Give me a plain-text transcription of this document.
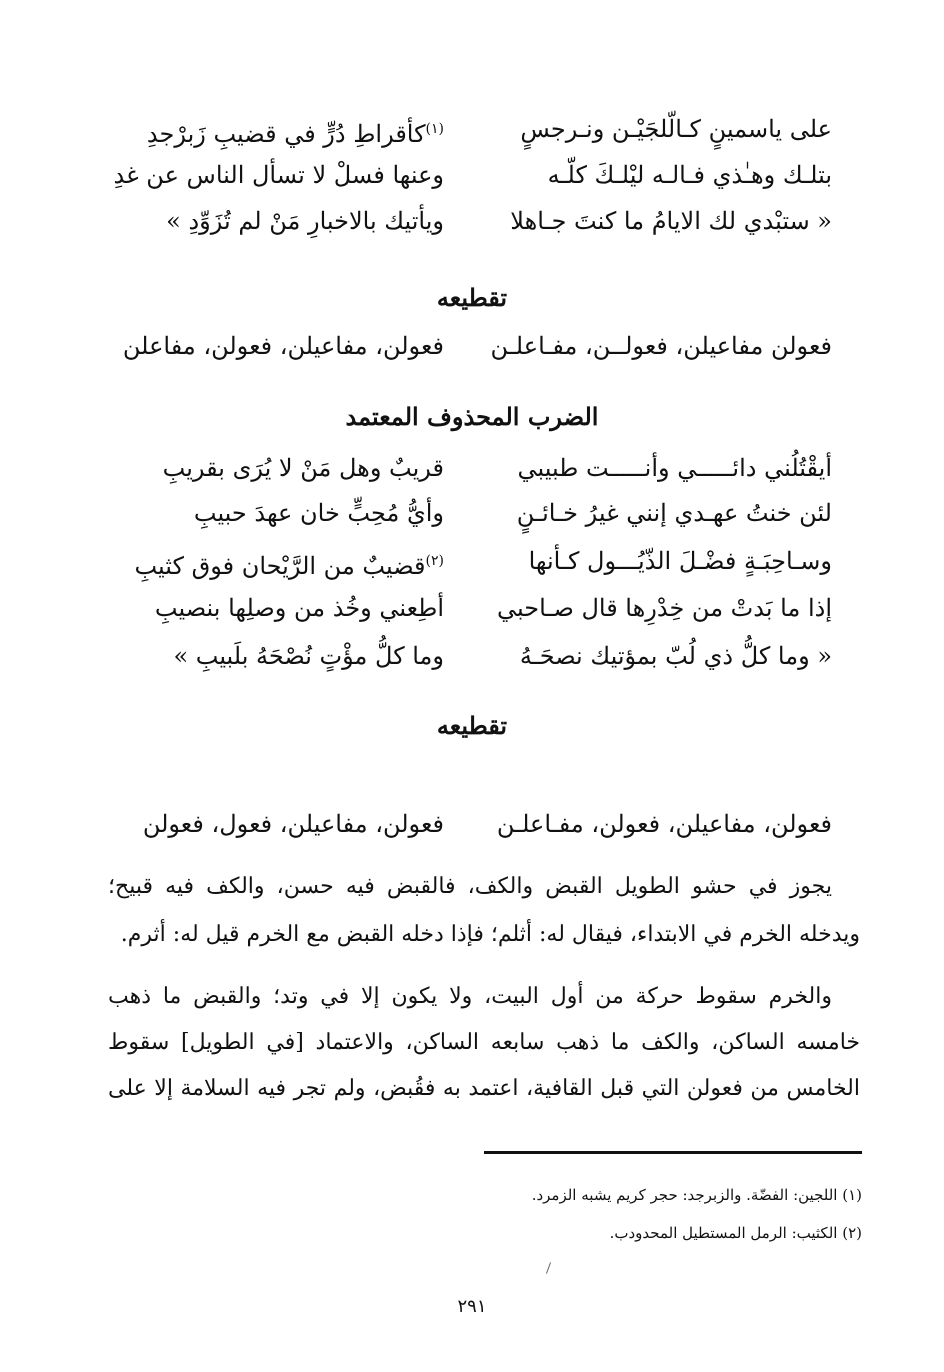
على ياسمينٍ كـالّلجَيْـن ونـرجسٍ
$^{(١)}$كأقراطِ دُرٍّ في قضيبِ زَبرْجدِ
بتلـك وهـٰذي فـالـه ليْلـكَ كلّـه
وعنها فسلْ لا تسأل الناس عن غدِ
« ستبْدي لك الايامُ ما كنتَ جـاهلا
ويأتيك بالاخبارِ مَنْ لم تُزَوِّدِ »
تقطيعه
فعولن مفاعيلن، فعولــن، مفـاعلـن
فعولن، مفاعيلن، فعولن، مفاعلن
الضرب المحذوف المعتمد
أيقْتُلُني دائـــــي وأنـــــت طبيبي
قريبٌ وهل مَنْ لا يُرَى بقريبِ
لئن خنتُ عهـدي إنني غيرُ خـائـنٍ
وأيُّ مُحِبٍّ خان عهدَ حبيبِ
وسـاحِبَـةٍ فضْـلَ الذّيُـــول كـأنها
$^{(٢)}$قضيبٌ من الرَّيْحان فوق كثيبِ
إذا ما بَدتْ من خِدْرِها قال صـاحبي
أطِعني وخُذ من وصلِها بنصيبِ
« وما كلُّ ذي لُبّ بمؤتيك نصحَـهُ
وما كلُّ مؤْتٍ نُصْحَهُ بلَبيبِ »
تقطيعه
فعولن، مفاعيلن، فعولن، مفـاعلـن
فعولن، مفاعيلن، فعول، فعولن
يجوز في حشو الطويل القبض والكف، فالقبض فيه حسن، والكف فيه قبيح؛
ويدخله الخرم في الابتداء، فيقال له: أثلم؛ فإذا دخله القبض مع الخرم قيل له: أثرم.
والخرم سقوط حركة من أول البيت، ولا يكون إلا في وتد؛ والقبض ما ذهب
خامسه الساكن، والكف ما ذهب سابعه الساكن، والاعتماد [في الطويل] سقوط
الخامس من فعولن التي قبل القافية، اعتمد به فقُبض، ولم تجر فيه السلامة إلا على
(١) اللجين: الفضّة. والزبرجد: حجر كريم يشبه الزمرد.
(٢) الكثيب: الرمل المستطيل المحدودب.
٢٩١
